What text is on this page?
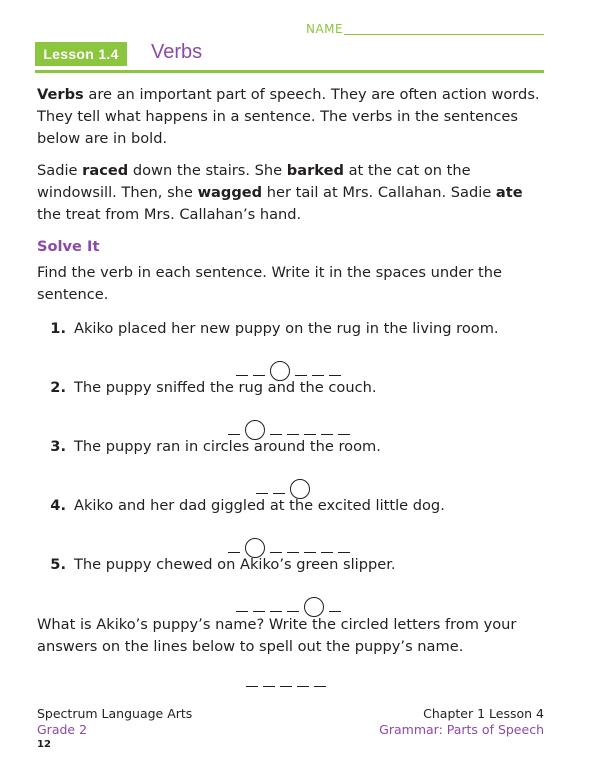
NAME
Lesson 1.4	Verbs
Verbs are an important part of speech. They are often action words. They tell what happens in a sentence. The verbs in the sentences below are in bold.
Sadie raced down the stairs. She barked at the cat on the windowsill. Then, she wagged her tail at Mrs. Callahan. Sadie ate the treat from Mrs. Callahan’s hand.
Solve It
Find the verb in each sentence. Write it in the spaces under the sentence.
1. Akiko placed her new puppy on the rug in the living room.
2. The puppy sniffed the rug and the couch.
3. The puppy ran in circles around the room.
4. Akiko and her dad giggled at the excited little dog.
5. The puppy chewed on Akiko’s green slipper.
What is Akiko’s puppy’s name? Write the circled letters from your answers on the lines below to spell out the puppy’s name.
Spectrum Language Arts
Grade 2
12
Chapter 1 Lesson 4
Grammar: Parts of Speech
